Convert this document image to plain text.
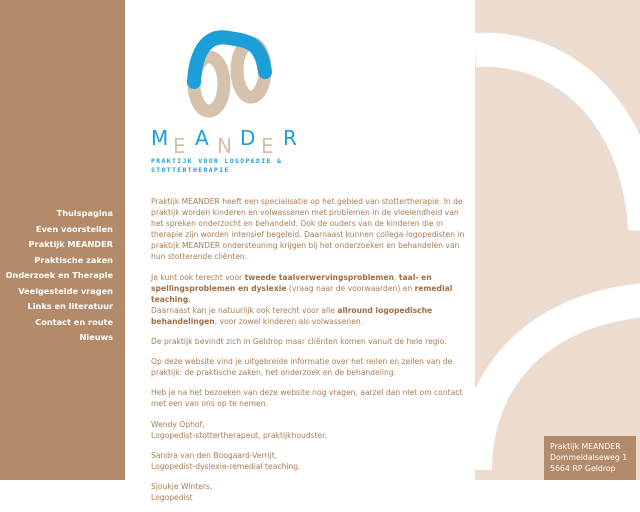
Thuispagina
Even voorstellen
Praktijk MEANDER
Praktische zaken
Onderzoek en Therapie
Veelgestelde vragen
Links en literatuur
Contact en route
Nieuws
M E A N D E R
PRAKTIJK VOOR LOGOPEDIE &
STOTTERTHERAPIE

Praktijk MEANDER heeft een specialisatie op het gebied van stottertherapie. In de praktijk worden kinderen en volwassenen met problemen in de vloeiendheid van het spreken onderzocht en behandeld. Ook de ouders van de kinderen die in therapie zijn worden intensief begeleid. Daarnaast kunnen collega-logopedisten in praktijk MEANDER ondersteuning krijgen bij het onderzoeken en behandelen van hun stotterende cliënten.

Je kunt ook terecht voor tweede taalverwervingsproblemen, taal- en spellingsproblemen en dyslexie (vraag naar de voorwaarden) en remedial teaching.
Daarnaast kan je natuurlijk ook terecht voor alle allround logopedische behandelingen, voor zowel kinderen als volwassenen.

De praktijk bevindt zich in Geldrop maar cliënten komen vanuit de hele regio.

Op deze website vind je uitgebreide informatie over het reilen en zeilen van de praktijk: de praktische zaken, het onderzoek en de behandeling.

Heb je na het bezoeken van deze website nog vragen, aarzel dan niet om contact met een van ons op te nemen.

Wendy Ophof,
Logopedist-stottertherapeut, praktijkhoudster.

Sandra van den Boogaard-Verrijt,
Logopedist-dyslexie-remedial teaching.

Sjoukje Winters,
Logopedist

Praktijk MEANDER
Dommeldalseweg 1
5664 RP Geldrop
